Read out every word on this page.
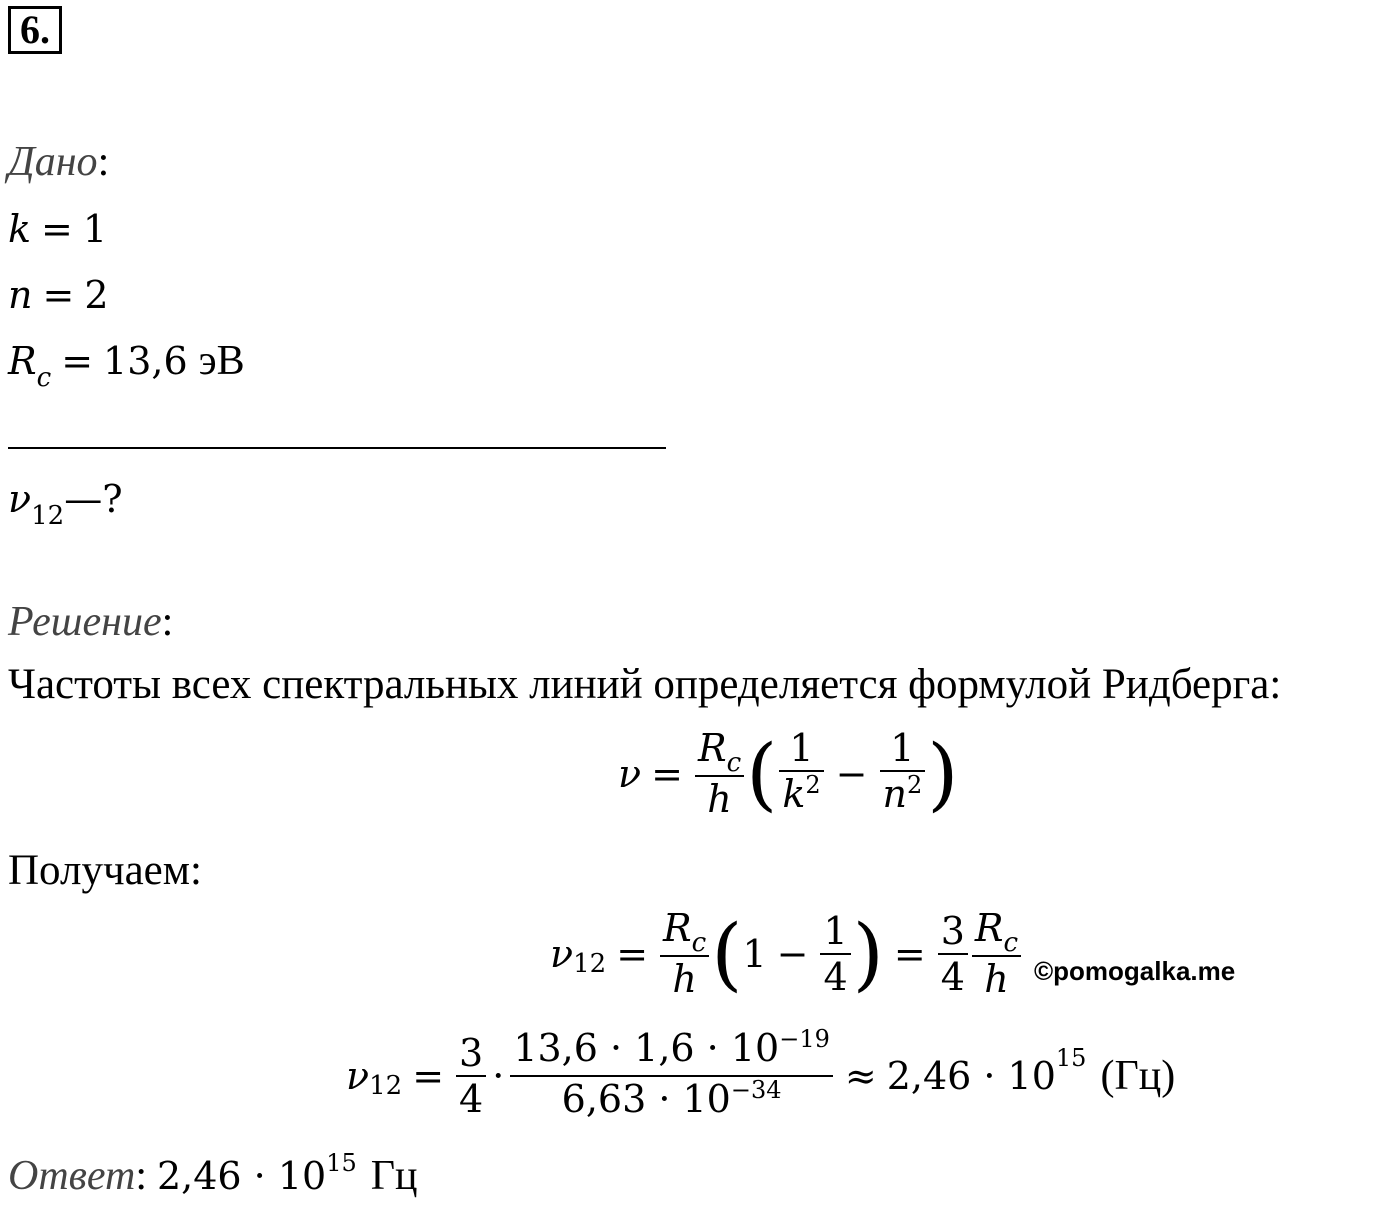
6.
Дано:
k = 1
n = 2
$R_c = 13,6$ эВ
$\nu_{12}—$?
Решение:
Частоты всех спектральных линий определяется формулой Ридберга:
$\nu = \frac{R_c}{h}$ ( $\frac{1}{k^2} - \frac{1}{n^2}$ )
Получаем:
ν $12 = \frac{R_c}{h}$ ( $1 - \frac{1}{4}$ ) = $\frac{3}{4} \frac{R_c}{h}$ ©pomogalka.me
ν $12 = \frac{3}{4} \cdot \frac{13,6 \cdot 1,6 \cdot 10^{-19}}{6,63 \cdot 10^{-34}} \approx 2,46 \cdot 10$ 15 (Гц)
Ответ: 2,46 · 1015 Гц
